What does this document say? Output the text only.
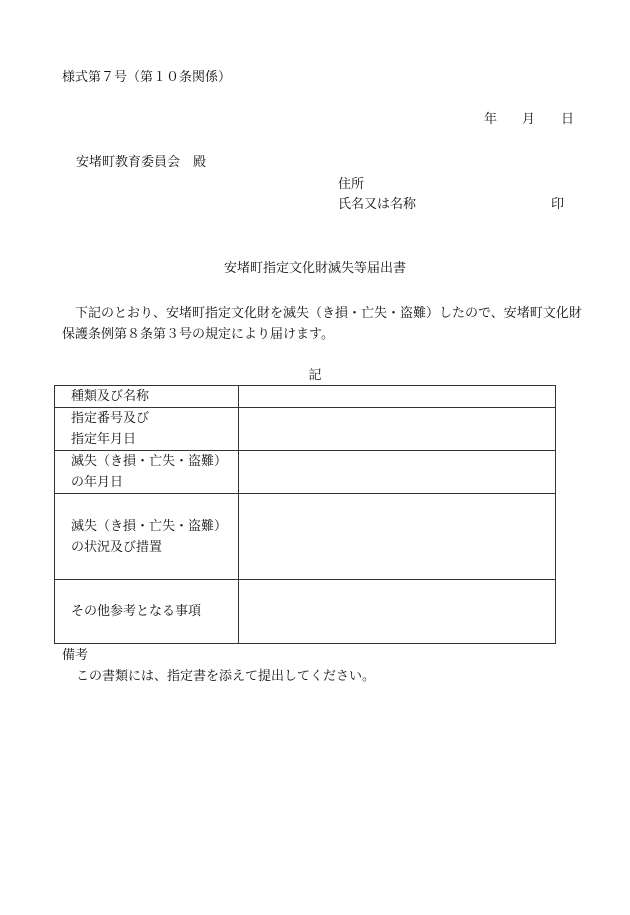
様式第７号（第１０条関係）
年 月 日
安堵町教育委員会　殿
住所
氏名又は名称	印
安堵町指定文化財滅失等届出書
下記のとおり、安堵町指定文化財を滅失（き損・亡失・盗難）したので、安堵町文化財保護条例第８条第３号の規定により届けます。
記
種類及び名称	

指定番号及び
指定年月日	

滅失（き損・亡失・盗難）
の年月日	

滅失（き損・亡失・盗難）
の状況及び措置	

その他参考となる事項	

備考
この書類には、指定書を添えて提出してください。
